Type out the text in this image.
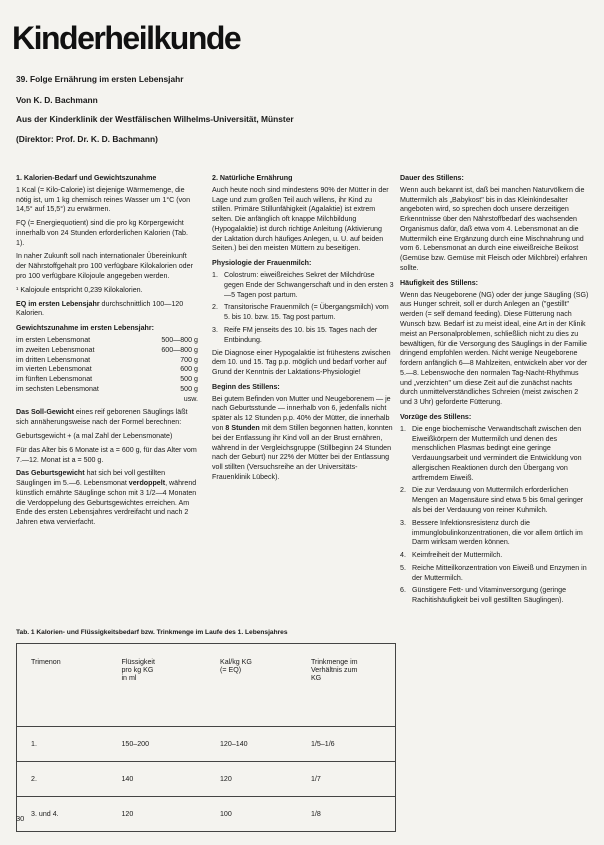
Kinderheilkunde
39. Folge Ernährung im ersten Lebensjahr
Von K. D. Bachmann
Aus der Kinderklinik der Westfälischen Wilhelms-Universität, Münster
(Direktor: Prof. Dr. K. D. Bachmann)
1. Kalorien-Bedarf und Gewichtszunahme

1 Kcal (= Kilo-Calorie) ist diejenige Wärmemenge, die nötig ist, um 1 kg chemisch reines Wasser um 1°C (von 14,5° auf 15,5°) zu erwärmen.

FQ (= Energiequotient) sind die pro kg Körpergewicht innerhalb von 24 Stunden erforderlichen Kalorien (Tab. 1).

In naher Zukunft soll nach internationaler Übereinkunft der Nährstoffgehalt pro 100 verfügbare Kilokalorien oder pro 100 verfügbare Kilojoule angegeben werden.

¹ Kalojoule entspricht 0,239 Kilokalorien.

EQ im ersten Lebensjahr durchschnittlich 100—120 Kalorien.

Gewichtszunahme im ersten Lebensjahr:
im ersten Lebensmonat	500—800 g
im zweiten Lebensmonat	600—800 g
im dritten Lebensmonat	700 g
im vierten Lebensmonat	600 g
im fünften Lebensmonat	500 g
im sechsten Lebensmonat	500 g
usw.

Das Soll-Gewicht eines reif geborenen Säuglings läßt sich annäherungsweise nach der Formel berechnen:

Geburtsgewicht + (a mal Zahl der Lebensmonate)

Für das Alter bis 6 Monate ist a = 600 g, für das Alter vom 7.—12. Monat ist a = 500 g.

Das Geburtsgewicht hat sich bei voll gestillten Säuglingen im 5.—6. Lebensmonat verdoppelt, während künstlich ernährte Säuglinge schon mit 3 1/2—4 Monaten die Verdoppelung des Geburtsgewichtes erreichen. Am Ende des ersten Lebensjahres verdreifacht und nach 2 Jahren etwa vervierfacht.

2. Natürliche Ernährung

Auch heute noch sind mindestens 90% der Mütter in der Lage und zum großen Teil auch willens, ihr Kind zu stillen. Primäre Stillunfähigkeit (Agalaktie) ist extrem selten. Die anfänglich oft knappe Milchbildung (Hypogalaktie) ist durch richtige Anleitung (Aktivierung der Laktation durch häufiges Anlegen, u. U. auf beiden Seiten.) bei den meisten Müttern zu beseitigen.

Physiologie der Frauenmilch:
1. Colostrum: eiweißreiches Sekret der Milchdrüse gegen Ende der Schwangerschaft und in den ersten 3—5 Tagen post partum.
2. Transitorische Frauenmilch (= Übergangsmilch) vom 5. bis 10. bzw. 15. Tag post partum.
3. Reife FM jenseits des 10. bis 15. Tages nach der Entbindung.

Die Diagnose einer Hypogalaktie ist frühestens zwischen dem 10. und 15. Tag p.p. möglich und bedarf vorher auf Grund der Kenntnis der Laktations-Physiologie!

Beginn des Stillens:

Bei gutem Befinden von Mutter und Neugeborenem — je nach Geburtsstunde — innerhalb von 6, jedenfalls nicht später als 12 Stunden p.p. 40% der Mütter, die innerhalb von 8 Stunden mit dem Stillen begonnen hatten, konnten bei der Entlassung ihr Kind voll an der Brust ernähren, während in der Vergleichsgruppe (Stillbeginn 24 Stunden nach der Geburt) nur 22% der Mütter bei der Entlassung voll stillten (Versuchsreihe an der Universitäts-Frauenklinik Lübeck).

Dauer des Stillens:

Wenn auch bekannt ist, daß bei manchen Naturvölkern die Muttermilch als „Babykost" bis in das Kleinkindesalter angeboten wird, so sprechen doch unsere derzeitigen Erkenntnisse über den Nährstoffbedarf des wachsenden Organismus dafür, daß etwa vom 4. Lebensmonat an die Muttermilch eine Ergänzung durch eine Mischnahrung und vom 6. Lebensmonat an durch eine eiweißreiche Beikost (Gemüse bzw. Gemüse mit Fleisch oder Milchbrei) erfahren sollte.

Häufigkeit des Stillens:

Wenn das Neugeborene (NG) oder der junge Säugling (SG) aus Hunger schreit, soll er durch Anlegen an ("gestillt" werden (= self demand feeding). Diese Fütterung nach Wunsch bzw. Bedarf ist zu meist ideal, eine Art in der Klinik meist an Personalproblemen, schließlich nicht zu dies zu bewältigen, für die Versorgung des Säuglings in der Familie dringend empfohlen werden. Nicht wenige Neugeborene fordern anfänglich 6—8 Mahlzeiten, entwickeln aber vor der 5.—8. Lebenswoche den normalen Tag-Nacht-Rhythmus und „verzichten" um diese Zeit auf die zunächst nachts durch unmittelverständliches Schreien (meist zwischen 2 und 3 Uhr) geforderte Fütterung.

Vorzüge des Stillens:
1. Die enge biochemische Verwandtschaft zwischen den Eiweißkörpern der Muttermilch und denen des menschlichen Plasmas bedingt eine geringe Verdauungsarbeit und vermindert die Entwicklung von allergischen Reaktionen durch den Übergang von artfremdem Eiweiß.
2. Die zur Verdauung von Muttermilch erforderlichen Mengen an Magensäure sind etwa 5 bis 6mal geringer als bei der Verdauung von reiner Kuhmilch.
3. Bessere Infektionsresistenz durch die immunglobulinkonzentrationen, die vor allem örtlich im Darm wirksam werden können.
4. Keimfreiheit der Muttermilch.
5. Reiche Mitteilkonzentration von Eiweiß und Enzymen in der Muttermilch.
6. Günstigere Fett- und Vitaminversorgung (geringe Rachitishäufigkeit bei voll gestillten Säuglingen).
Tab. 1 Kalorien- und Flüssigkeitsbedarf bzw. Trinkmenge im Laufe des 1. Lebensjahres
Trimenon	Flüssigkeit
pro kg KG
in ml	Kal/kg KG
(= EQ)	Trinkmenge im
Verhältnis zum
KG
1.	150–200	120–140	1/5–1/6
2.	140	120	1/7
3. und 4.	120	100	1/8
30
